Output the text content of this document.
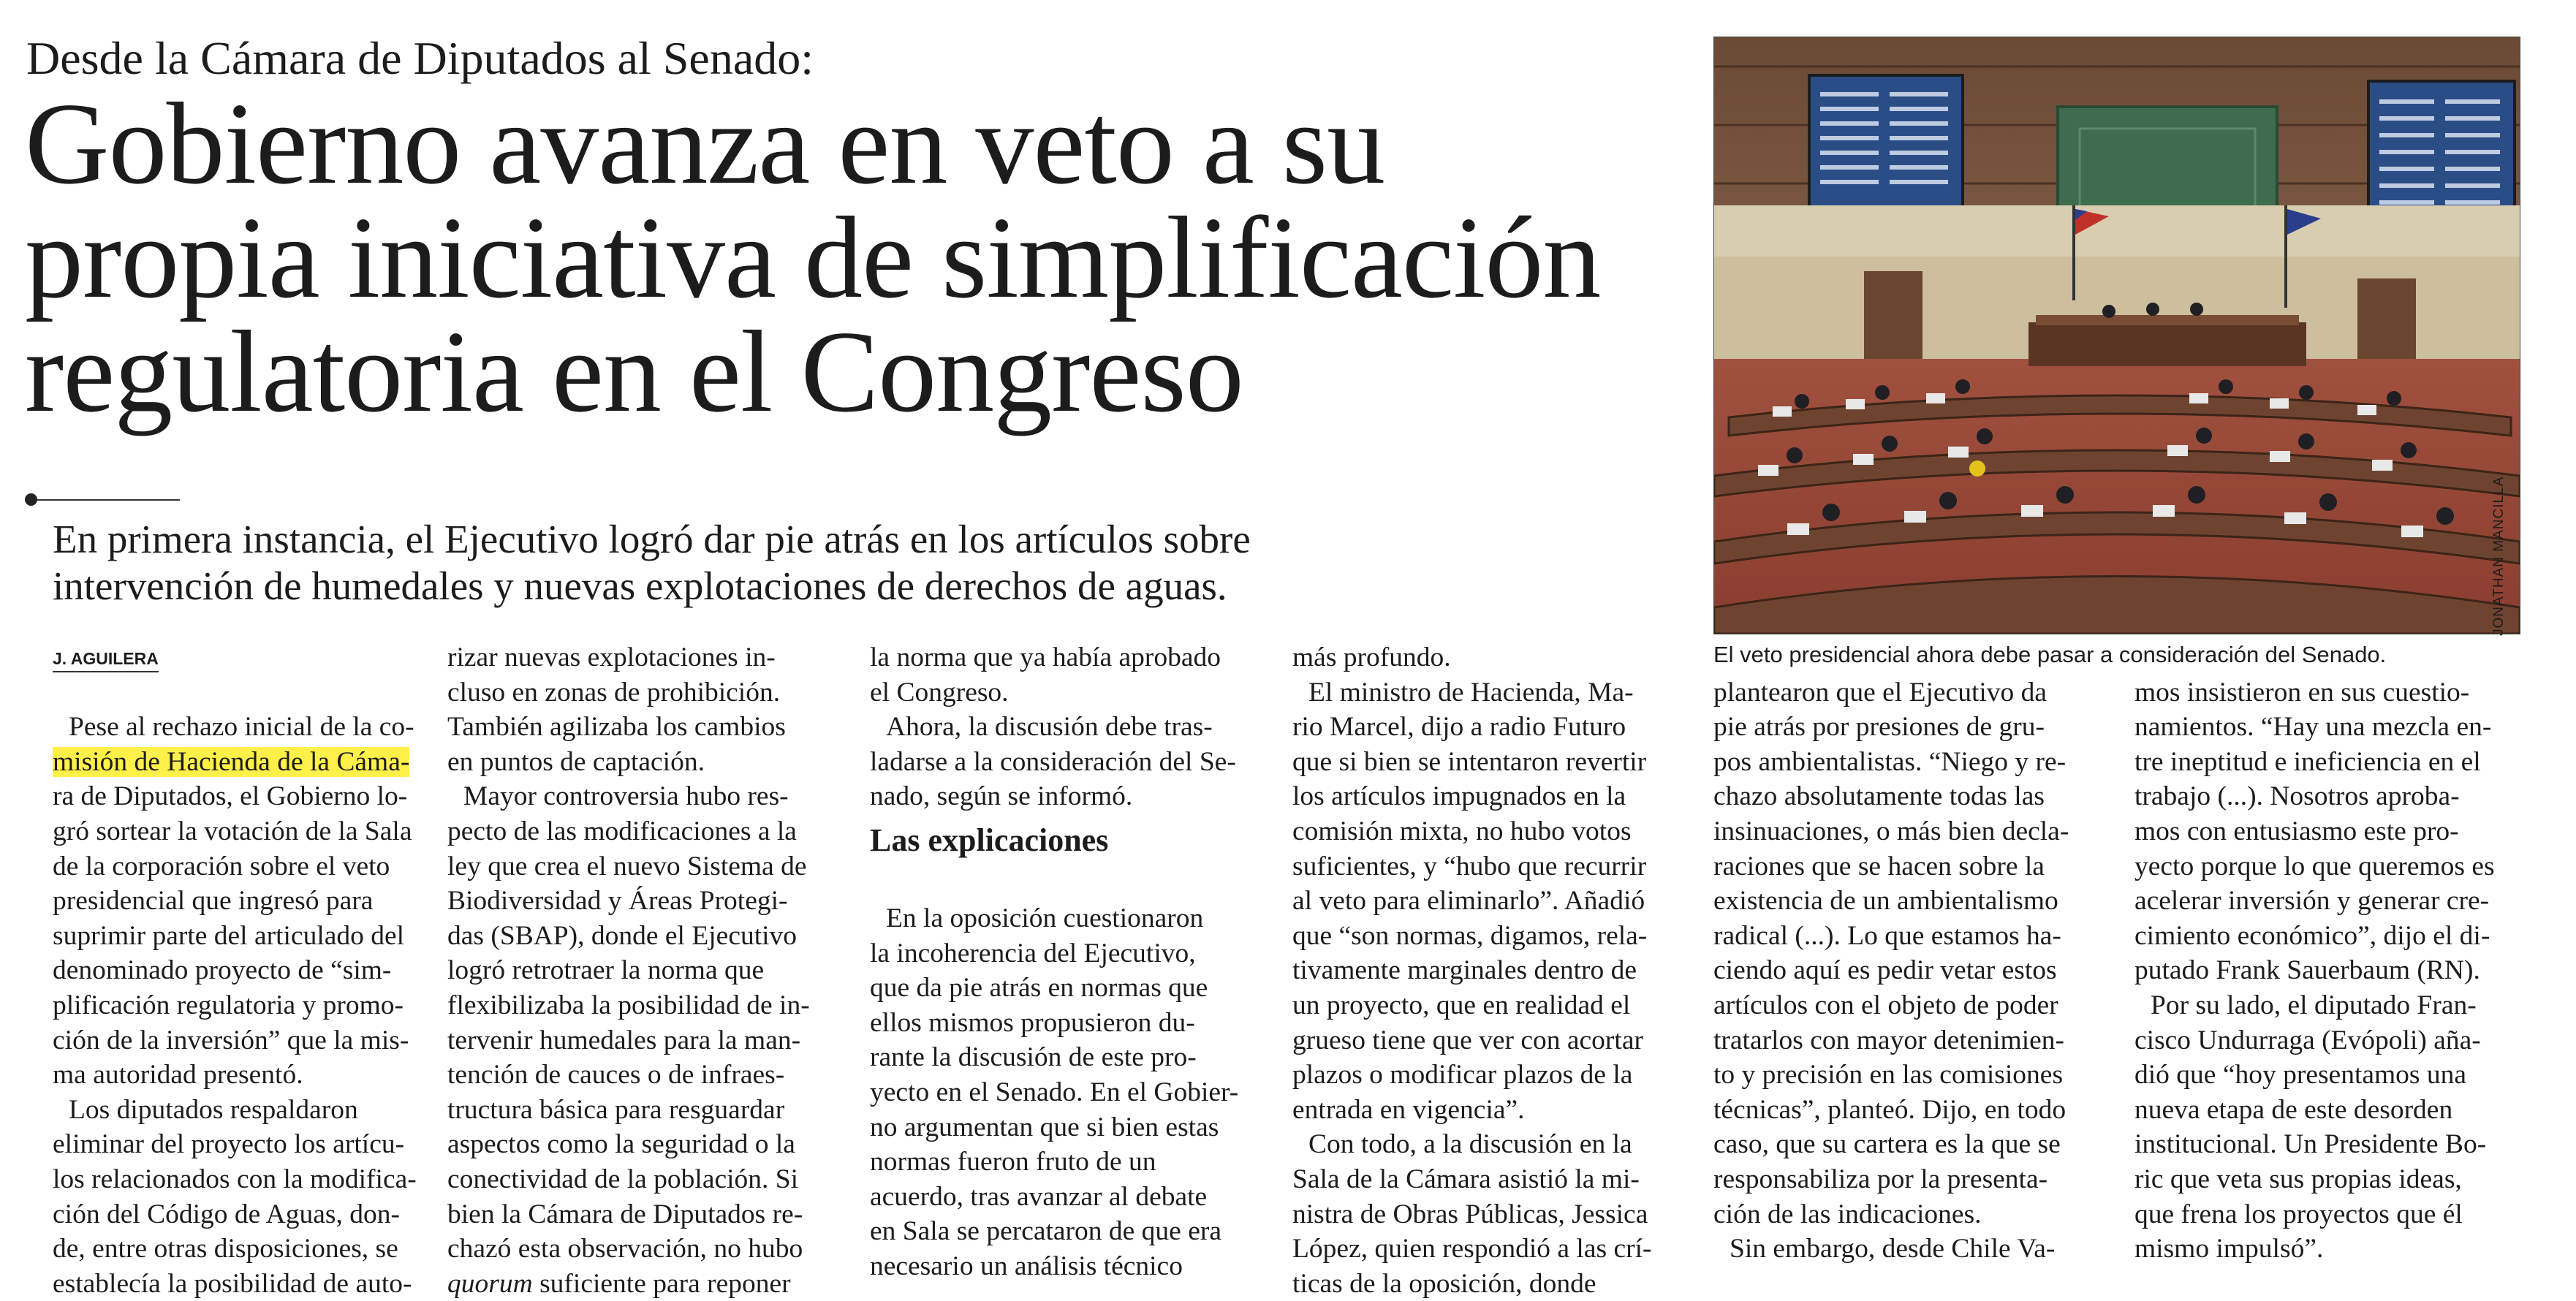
Desde la Cámara de Diputados al Senado:
Gobierno avanza en veto a su
propia iniciativa de simplificación
regulatoria en el Congreso
En primera instancia, el Ejecutivo logró dar pie atrás en los artículos sobre
intervención de humedales y nuevas explotaciones de derechos de aguas.
Pese al rechazo inicial de la co-
misión de Hacienda de la Cáma-
ra de Diputados, el Gobierno lo-
gró sortear la votación de la Sala
de la corporación sobre el veto
presidencial que ingresó para
suprimir parte del articulado del
denominado proyecto de “sim-
plificación regulatoria y promo-
ción de la inversión” que la mis-
ma autoridad presentó.
Los diputados respaldaron
eliminar del proyecto los artícu-
los relacionados con la modifica-
ción del Código de Aguas, don-
de, entre otras disposiciones, se
establecía la posibilidad de auto-
J. AGUILERA	rizar nuevas explotaciones in-
cluso en zonas de prohibición.
También agilizaba los cambios
en puntos de captación.
Mayor controversia hubo res-
pecto de las modificaciones a la
ley que crea el nuevo Sistema de
Biodiversidad y Áreas Protegi-
das (SBAP), donde el Ejecutivo
logró retrotraer la norma que
flexibilizaba la posibilidad de in-
tervenir humedales para la man-
tención de cauces o de infraes-
tructura básica para resguardar
aspectos como la seguridad o la
conectividad de la población. Si
bien la Cámara de Diputados re-
chazó esta observación, no hubo
quorum suficiente para reponer
la norma que ya había aprobado
el Congreso.
Ahora, la discusión debe tras-
ladarse a la consideración del Se-
nado, según se informó.
Las explicaciones
En la oposición cuestionaron
la incoherencia del Ejecutivo,
que da pie atrás en normas que
ellos mismos propusieron du-
rante la discusión de este pro-
yecto en el Senado. En el Gobier-
no argumentan que si bien estas
normas fueron fruto de un
acuerdo, tras avanzar al debate
en Sala se percataron de que era
necesario un análisis técnico
más profundo.
El ministro de Hacienda, Ma-
rio Marcel, dijo a radio Futuro
que si bien se intentaron revertir
los artículos impugnados en la
comisión mixta, no hubo votos
suficientes, y “hubo que recurrir
al veto para eliminarlo”. Añadió
que “son normas, digamos, rela-
tivamente marginales dentro de
un proyecto, que en realidad el
grueso tiene que ver con acortar
plazos o modificar plazos de la
entrada en vigencia”.
Con todo, a la discusión en la
Sala de la Cámara asistió la mi-
nistra de Obras Públicas, Jessica
López, quien respondió a las crí-
ticas de la oposición, donde
plantearon que el Ejecutivo da
pie atrás por presiones de gru-
pos ambientalistas. “Niego y re-
chazo absolutamente todas las
insinuaciones, o más bien decla-
raciones que se hacen sobre la
existencia de un ambientalismo
radical (...). Lo que estamos ha-
ciendo aquí es pedir vetar estos
artículos con el objeto de poder
tratarlos con mayor detenimien-
to y precisión en las comisiones
técnicas”, planteó. Dijo, en todo
caso, que su cartera es la que se
responsabiliza por la presenta-
ción de las indicaciones.
Sin embargo, desde Chile Va-
mos insistieron en sus cuestio-
namientos. “Hay una mezcla en-
tre ineptitud e ineficiencia en el
trabajo (...). Nosotros aproba-
mos con entusiasmo este pro-
yecto porque lo que queremos es
acelerar inversión y generar cre-
cimiento económico”, dijo el di-
putado Frank Sauerbaum (RN).
Por su lado, el diputado Fran-
cisco Undurraga (Evópoli) aña-
dió que “hoy presentamos una
nueva etapa de este desorden
institucional. Un Presidente Bo-
ric que veta sus propias ideas,
que frena los proyectos que él
mismo impulsó”.
JONATHAN MANCILLA
El veto presidencial ahora debe pasar a consideración del Senado.
